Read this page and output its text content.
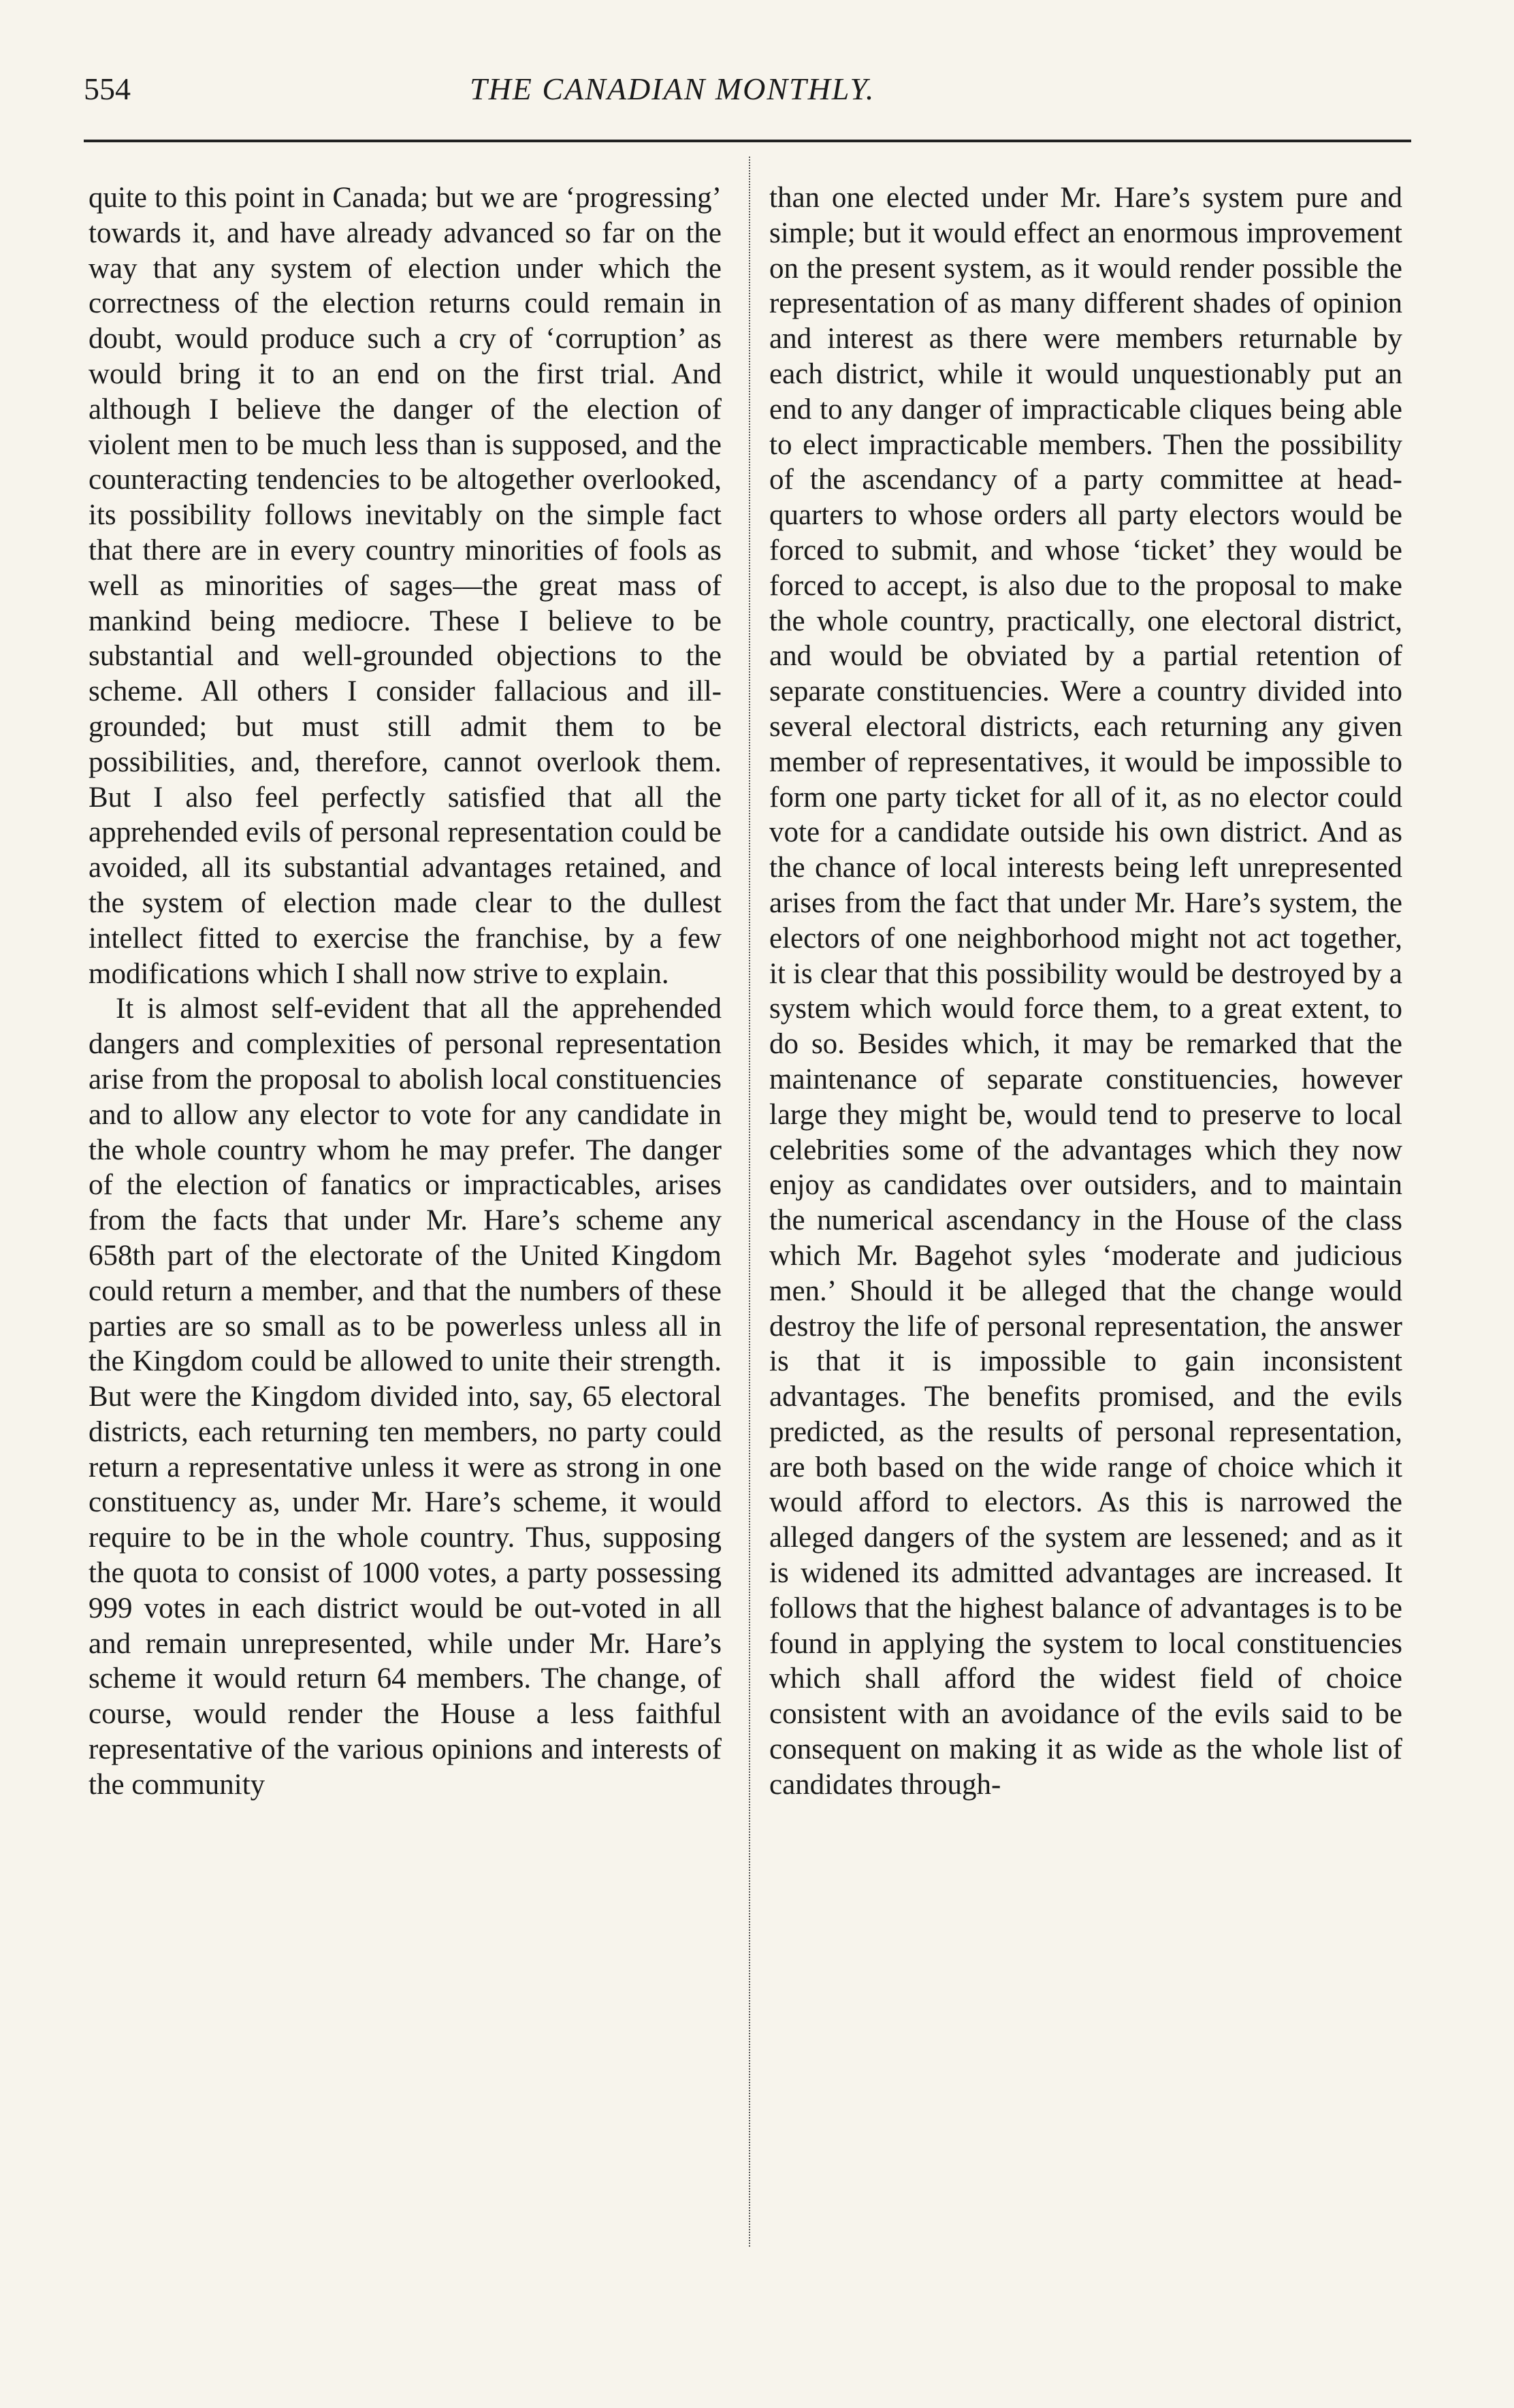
554	THE CANADIAN MONTHLY.

quite to this point in Canada; but we are ‘progressing’ towards it, and have already advanced so far on the way that any system of election under which the correctness of the election returns could remain in doubt, would produce such a cry of ‘corruption’ as would bring it to an end on the first trial. And although I believe the danger of the election of violent men to be much less than is supposed, and the counteracting tendencies to be altogether overlooked, its possibility follows inevitably on the simple fact that there are in every country minorities of fools as well as minorities of sages—the great mass of mankind being mediocre. These I believe to be substantial and well-grounded objections to the scheme. All others I consider fallacious and ill-grounded; but must still admit them to be possibilities, and, therefore, cannot overlook them. But I also feel perfectly satisfied that all the apprehended evils of personal representation could be avoided, all its substantial advantages retained, and the system of election made clear to the dullest intellect fitted to exercise the franchise, by a few modifications which I shall now strive to explain.

It is almost self-evident that all the apprehended dangers and complexities of personal representation arise from the proposal to abolish local constituencies and to allow any elector to vote for any candidate in the whole country whom he may prefer. The danger of the election of fanatics or impracticables, arises from the facts that under Mr. Hare’s scheme any 658th part of the electorate of the United Kingdom could return a member, and that the numbers of these parties are so small as to be powerless unless all in the Kingdom could be allowed to unite their strength. But were the Kingdom divided into, say, 65 electoral districts, each returning ten members, no party could return a representative unless it were as strong in one constituency as, under Mr. Hare’s scheme, it would require to be in the whole country. Thus, supposing the quota to consist of 1000 votes, a party possessing 999 votes in each district would be out-voted in all and remain unrepresented, while under Mr. Hare’s scheme it would return 64 members. The change, of course, would render the House a less faithful representative of the various opinions and interests of the community

than one elected under Mr. Hare’s system pure and simple; but it would effect an enormous improvement on the present system, as it would render possible the representation of as many different shades of opinion and interest as there were members returnable by each district, while it would unquestionably put an end to any danger of impracticable cliques being able to elect impracticable members. Then the possibility of the ascendancy of a party committee at head-quarters to whose orders all party electors would be forced to submit, and whose ‘ticket’ they would be forced to accept, is also due to the proposal to make the whole country, practically, one electoral district, and would be obviated by a partial retention of separate constituencies. Were a country divided into several electoral districts, each returning any given member of representatives, it would be impossible to form one party ticket for all of it, as no elector could vote for a candidate outside his own district. And as the chance of local interests being left unrepresented arises from the fact that under Mr. Hare’s system, the electors of one neighborhood might not act together, it is clear that this possibility would be destroyed by a system which would force them, to a great extent, to do so. Besides which, it may be remarked that the maintenance of separate constituencies, however large they might be, would tend to preserve to local celebrities some of the advantages which they now enjoy as candidates over outsiders, and to maintain the numerical ascendancy in the House of the class which Mr. Bagehot syles ‘moderate and judicious men.’ Should it be alleged that the change would destroy the life of personal representation, the answer is that it is impossible to gain inconsistent advantages. The benefits promised, and the evils predicted, as the results of personal representation, are both based on the wide range of choice which it would afford to electors. As this is narrowed the alleged dangers of the system are lessened; and as it is widened its admitted advantages are increased. It follows that the highest balance of advantages is to be found in applying the system to local constituencies which shall afford the widest field of choice consistent with an avoidance of the evils said to be consequent on making it as wide as the whole list of candidates through-
